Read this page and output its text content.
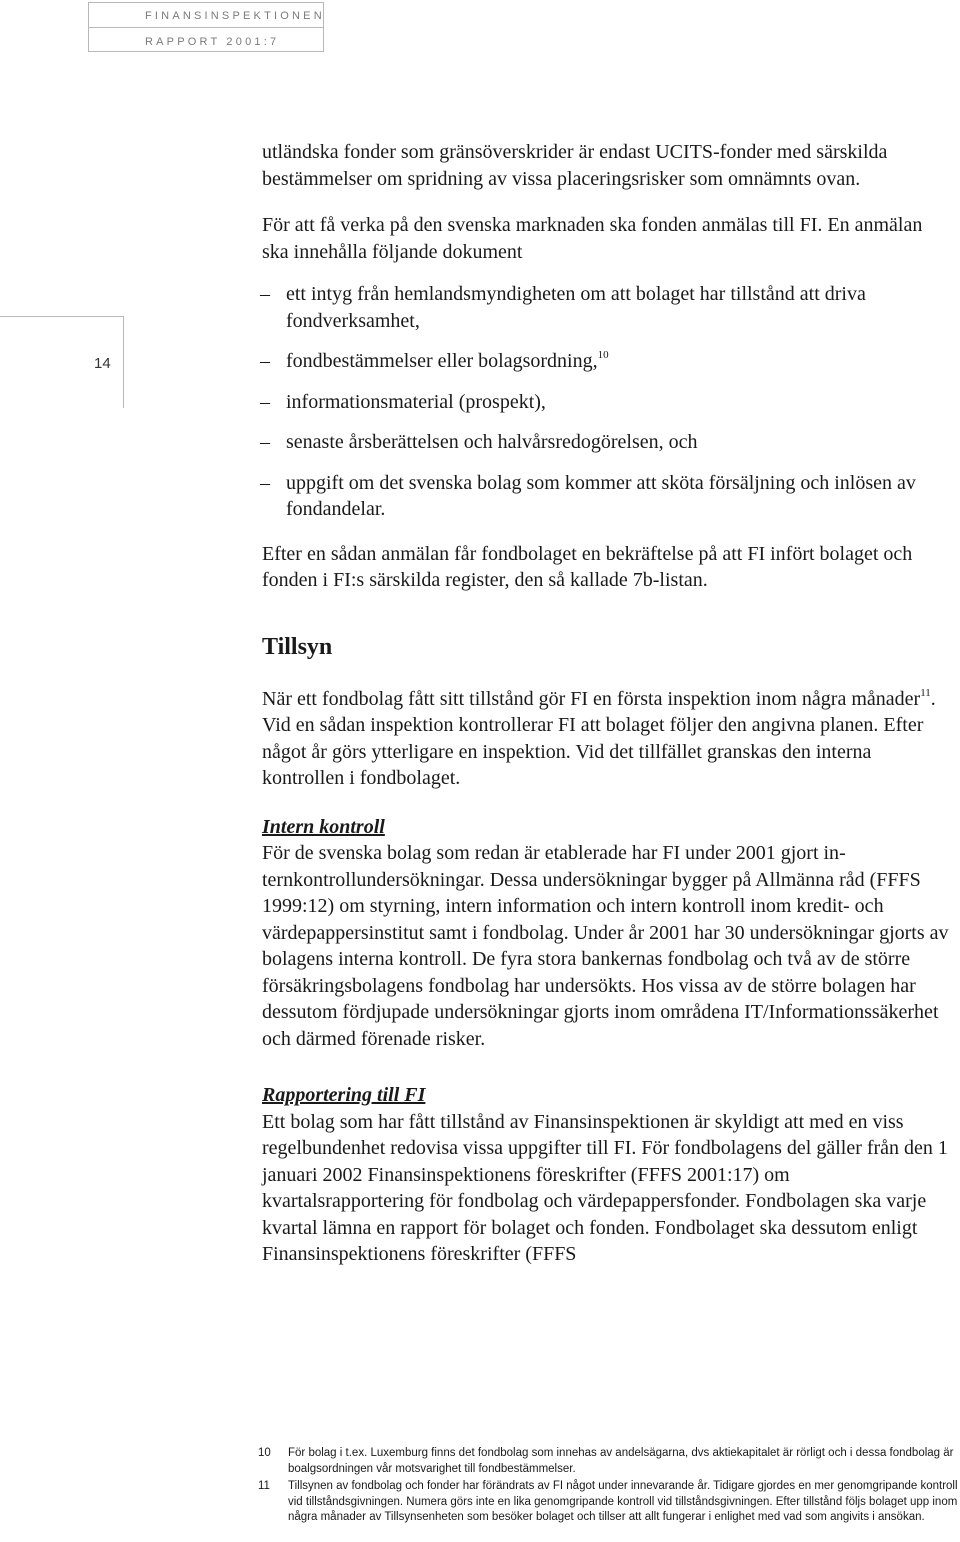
FINANSINSPEKTIONEN
RAPPORT 2001:7
14

utländska fonder som gränsöverskrider är endast UCITS-fonder med särskilda bestämmelser om spridning av vissa placeringsrisker som omnämnts ovan.

För att få verka på den svenska marknaden ska fonden anmälas till FI. En anmälan ska innehålla följande dokument

– ett intyg från hemlandsmyndigheten om att bolaget har tillstånd att driva fondverksamhet,
– fondbestämmelser eller bolagsordning,$^{10}$
– informationsmaterial (prospekt),
– senaste årsberättelsen och halvårsredogörelsen, och
– uppgift om det svenska bolag som kommer att sköta försäljning och inlösen av fondandelar.

Efter en sådan anmälan får fondbolaget en bekräftelse på att FI infört bolaget och fonden i FI:s särskilda register, den så kallade 7b-listan.

Tillsyn

När ett fondbolag fått sitt tillstånd gör FI en första inspektion inom några månader$^{11}$. Vid en sådan inspektion kontrollerar FI att bolaget följer den angivna planen. Efter något år görs ytterligare en inspektion. Vid det tillfället granskas den interna kontrollen i fondbolaget.

Intern kontroll

För de svenska bolag som redan är etablerade har FI under 2001 gjort internkontrollundersökningar. Dessa undersökningar bygger på Allmänna råd (FFFS 1999:12) om styrning, intern information och intern kontroll inom kredit- och värdepappersinstitut samt i fondbolag. Under år 2001 har 30 undersökningar gjorts av bolagens interna kontroll. De fyra stora bankernas fondbolag och två av de större försäkringsbolagens fondbolag har undersökts. Hos vissa av de större bolagen har dessutom fördjupade undersökningar gjorts inom områdena IT/Informationssäkerhet och därmed förenade risker.

Rapportering till FI

Ett bolag som har fått tillstånd av Finansinspektionen är skyldigt att med en viss regelbundenhet redovisa vissa uppgifter till FI. För fondbolagens del gäller från den 1 januari 2002 Finansinspektionens föreskrifter (FFFS 2001:17) om kvartalsrapportering för fondbolag och värdepappersfonder. Fondbolagen ska varje kvartal lämna en rapport för bolaget och fonden. Fondbolaget ska dessutom enligt Finansinspektionens föreskrifter (FFFS

10 För bolag i t.ex. Luxemburg finns det fondbolag som innehas av andelsägarna, dvs aktiekapitalet är rörligt och i dessa fondbolag är boalgsordningen vår motsvarighet till fondbestämmelser.
11 Tillsynen av fondbolag och fonder har förändrats av FI något under innevarande år. Tidigare gjordes en mer genomgripande kontroll vid tillståndsgivningen. Numera görs inte en lika genomgripande kontroll vid tillståndsgivningen. Efter tillstånd följs bolaget upp inom några månader av Tillsynsenheten som besöker bolaget och tillser att allt fungerar i enlighet med vad som angivits i ansökan.
